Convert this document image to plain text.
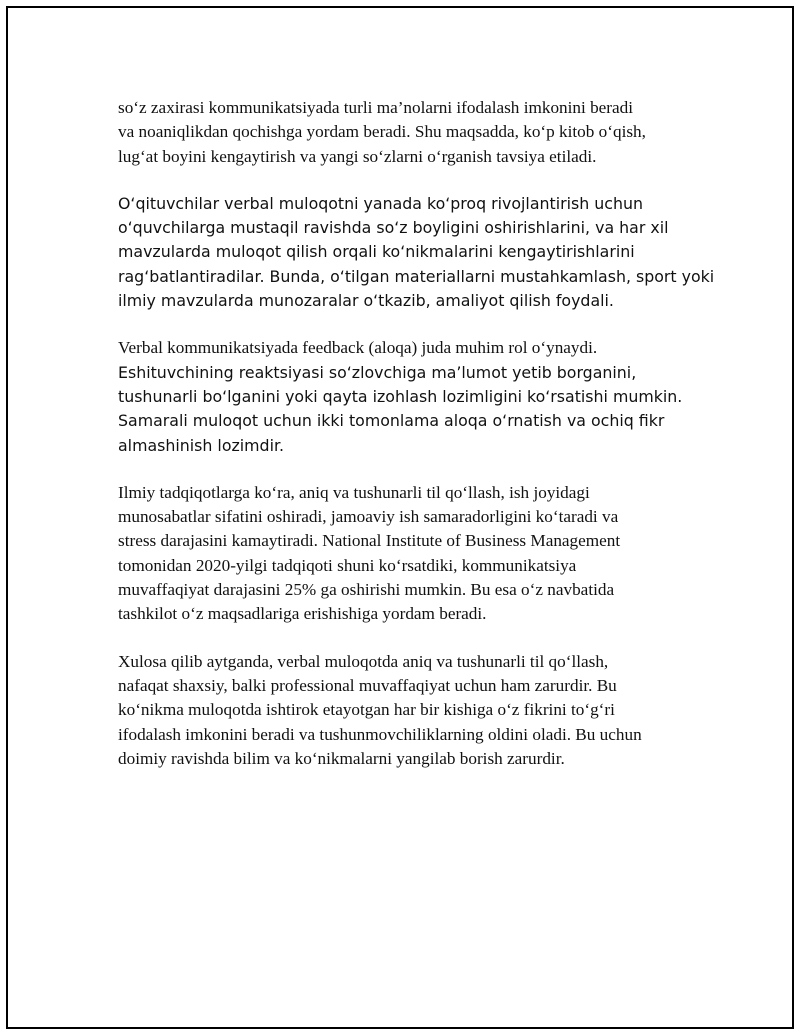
so‘z zaxirasi kommunikatsiyada turli ma’nolarni ifodalash imkonini beradi
va noaniqlikdan qochishga yordam beradi. Shu maqsadda, ko‘p kitob o‘qish,
lug‘at boyini kengaytirish va yangi so‘zlarni o‘rganish tavsiya etiladi.

O‘qituvchilar verbal muloqotni yanada ko‘proq rivojlantirish uchun
o‘quvchilarga mustaqil ravishda so‘z boyligini oshirishlarini, va har xil
mavzularda muloqot qilish orqali ko‘nikmalarini kengaytirishlarini
rag‘batlantiradilar. Bunda, o‘tilgan materiallarni mustahkamlash, sport yoki
ilmiy mavzularda munozaralar o‘tkazib, amaliyot qilish foydali.

Verbal kommunikatsiyada feedback (aloqa) juda muhim rol o‘ynaydi.
Eshituvchining reaktsiyasi so‘zlovchiga ma’lumot yetib borganini,
tushunarli bo‘lganini yoki qayta izohlash lozimligini ko‘rsatishi mumkin.
Samarali muloqot uchun ikki tomonlama aloqa o‘rnatish va ochiq fikr
almashinish lozimdir.

Ilmiy tadqiqotlarga ko‘ra, aniq va tushunarli til qo‘llash, ish joyidagi
munosabatlar sifatini oshiradi, jamoaviy ish samaradorligini ko‘taradi va
stress darajasini kamaytiradi. National Institute of Business Management
tomonidan 2020-yilgi tadqiqoti shuni ko‘rsatdiki, kommunikatsiya
muvaffaqiyat darajasini 25% ga oshirishi mumkin. Bu esa o‘z navbatida
tashkilot o‘z maqsadlariga erishishiga yordam beradi.

Xulosa qilib aytganda, verbal muloqotda aniq va tushunarli til qo‘llash,
nafaqat shaxsiy, balki professional muvaffaqiyat uchun ham zarurdir. Bu
ko‘nikma muloqotda ishtirok etayotgan har bir kishiga o‘z fikrini to‘g‘ri
ifodalash imkonini beradi va tushunmovchiliklarning oldini oladi. Bu uchun
doimiy ravishda bilim va ko‘nikmalarni yangilab borish zarurdir.
